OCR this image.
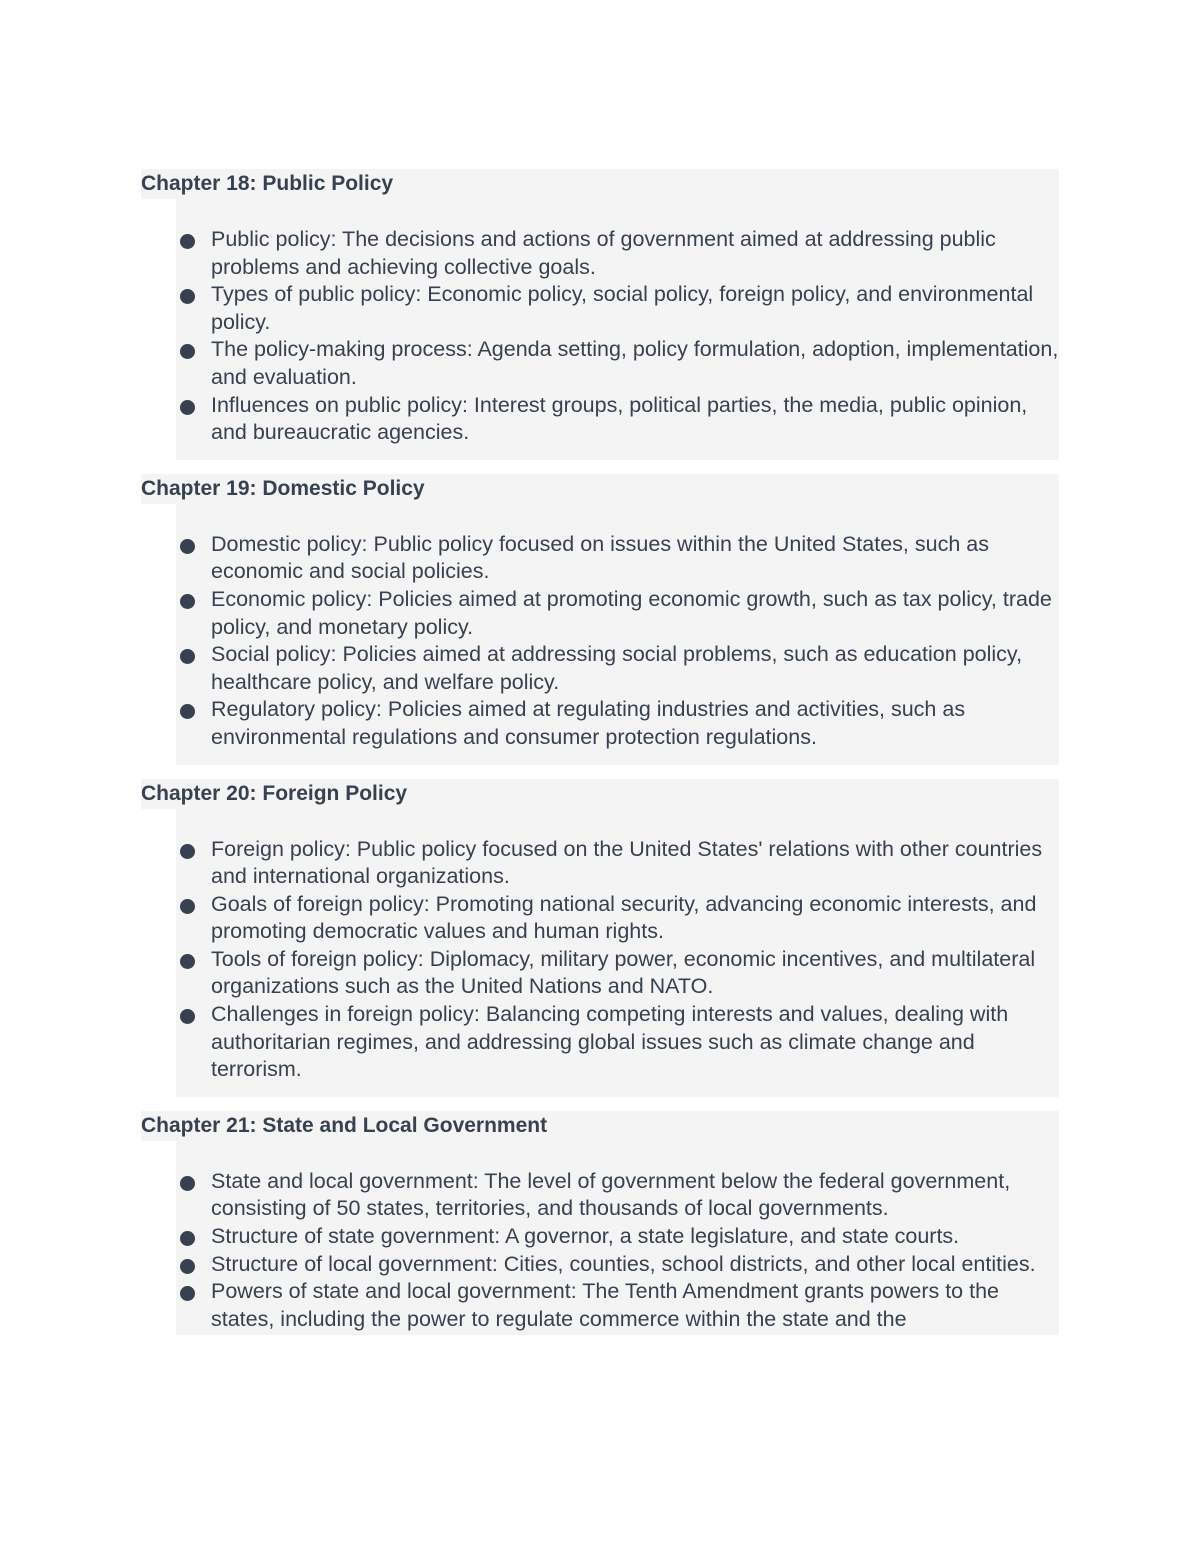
Chapter 18: Public Policy
Public policy: The decisions and actions of government aimed at addressing public problems and achieving collective goals.
Types of public policy: Economic policy, social policy, foreign policy, and environmental policy.
The policy-making process: Agenda setting, policy formulation, adoption, implementation, and evaluation.
Influences on public policy: Interest groups, political parties, the media, public opinion, and bureaucratic agencies.
Chapter 19: Domestic Policy
Domestic policy: Public policy focused on issues within the United States, such as economic and social policies.
Economic policy: Policies aimed at promoting economic growth, such as tax policy, trade policy, and monetary policy.
Social policy: Policies aimed at addressing social problems, such as education policy, healthcare policy, and welfare policy.
Regulatory policy: Policies aimed at regulating industries and activities, such as environmental regulations and consumer protection regulations.
Chapter 20: Foreign Policy
Foreign policy: Public policy focused on the United States' relations with other countries and international organizations.
Goals of foreign policy: Promoting national security, advancing economic interests, and promoting democratic values and human rights.
Tools of foreign policy: Diplomacy, military power, economic incentives, and multilateral organizations such as the United Nations and NATO.
Challenges in foreign policy: Balancing competing interests and values, dealing with authoritarian regimes, and addressing global issues such as climate change and terrorism.
Chapter 21: State and Local Government
State and local government: The level of government below the federal government, consisting of 50 states, territories, and thousands of local governments.
Structure of state government: A governor, a state legislature, and state courts.
Structure of local government: Cities, counties, school districts, and other local entities.
Powers of state and local government: The Tenth Amendment grants powers to the states, including the power to regulate commerce within the state and the
